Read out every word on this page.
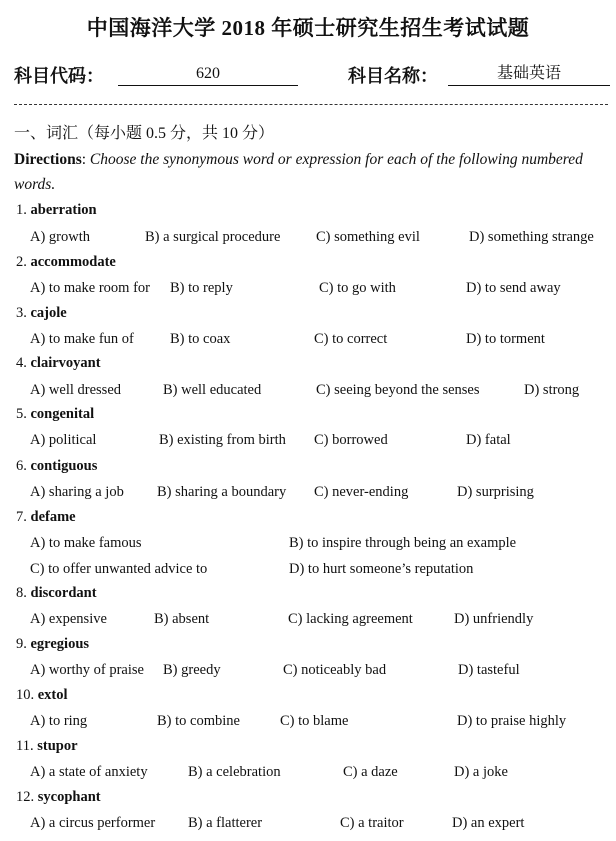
中国海洋大学 2018 年硕士研究生招生考试试题
科目代码：	620	科目名称：	基础英语
一、词汇（每小题 0.5 分，共 10 分）
Directions: Choose the synonymous word or expression for each of the following numbered words.
1. aberration
A) growth	B) a surgical procedure C) something evil	D) something strange
2. accommodate
A) to make room for B) to reply	C) to go with	D) to send away
3. cajole
A) to make fun of B) to coax	C) to correct	D) to torment
4. clairvoyant
A) well dressed	B) well educated	C) seeing beyond the senses	D) strong
5. congenital
A) political	B) existing from birth C) borrowed	D) fatal
6. contiguous
A) sharing a job B) sharing a boundary C) never-ending	D) surprising
7. defame
A) to make famous	B) to inspire through being an example
C) to offer unwanted advice to	D) to hurt someone’s reputation
8. discordant
A) expensive	B) absent	C) lacking agreement	D) unfriendly
9. egregious
A) worthy of praise B) greedy	C) noticeably bad	D) tasteful
10. extol
A) to ring	B) to combine	C) to blame	D) to praise highly
11. stupor
A) a state of anxiety	B) a celebration	C) a daze	D) a joke
12. sycophant
A) a circus performer B) a flatterer	C) a traitor	D) an expert
